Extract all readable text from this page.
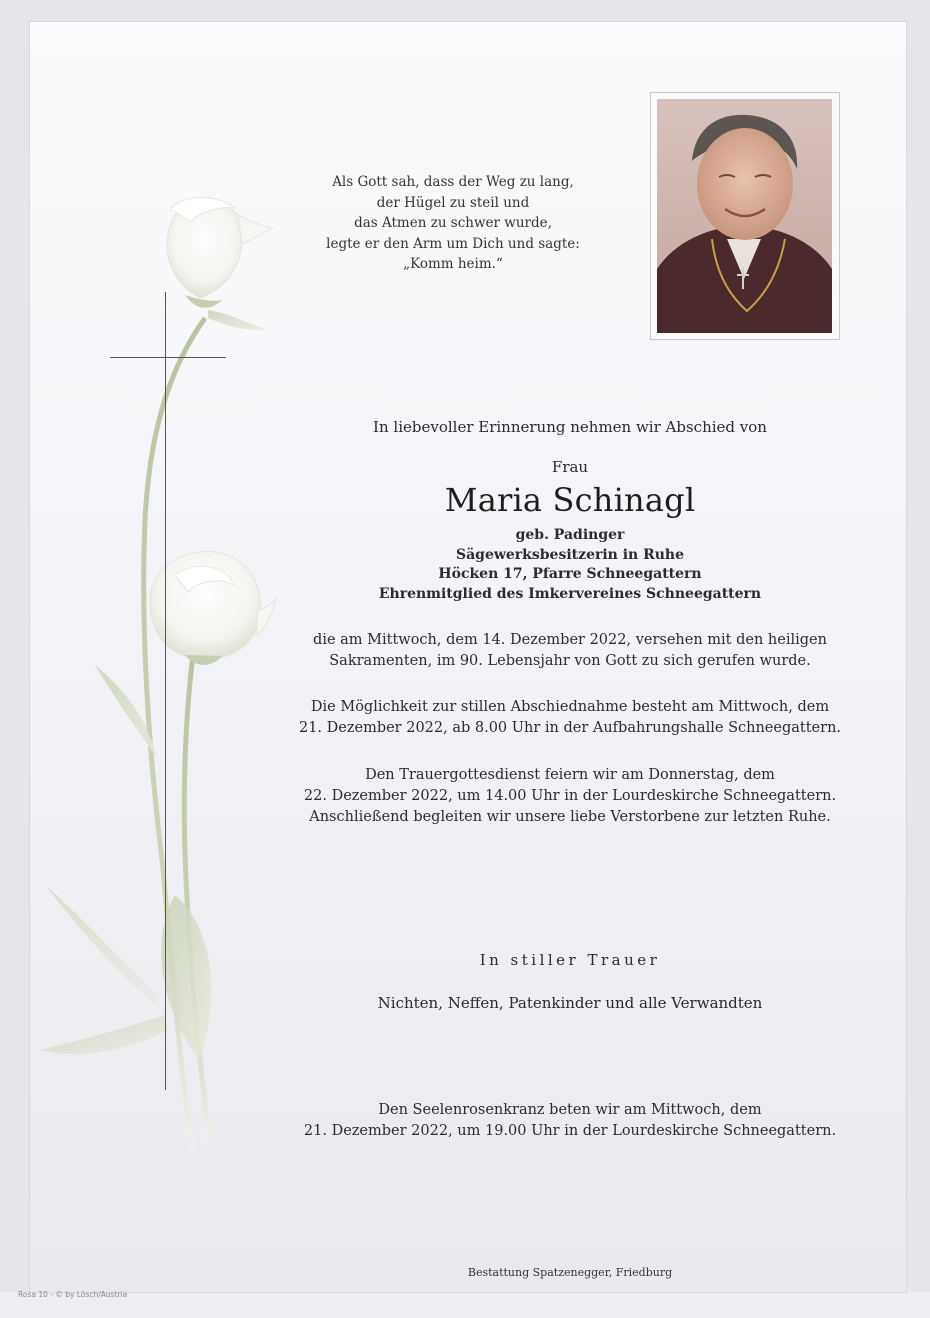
Als Gott sah, dass der Weg zu lang,
der Hügel zu steil und
das Atmen zu schwer wurde,
legte er den Arm um Dich und sagte:
„Komm heim.“
In liebevoller Erinnerung nehmen wir Abschied von
Frau
Maria Schinagl
geb. Padinger
Sägewerksbesitzerin in Ruhe
Höcken 17, Pfarre Schneegattern
Ehrenmitglied des Imkervereines Schneegattern
die am Mittwoch, dem 14. Dezember 2022, versehen mit den heiligen
Sakramenten, im 90. Lebensjahr von Gott zu sich gerufen wurde.
Die Möglichkeit zur stillen Abschiednahme besteht am Mittwoch, dem
21. Dezember 2022, ab 8.00 Uhr in der Aufbahrungshalle Schneegattern.
Den Trauergottesdienst feiern wir am Donnerstag, dem
22. Dezember 2022, um 14.00 Uhr in der Lourdeskirche Schneegattern.
Anschließend begleiten wir unsere liebe Verstorbene zur letzten Ruhe.
In stiller Trauer
Nichten, Neffen, Patenkinder und alle Verwandten
Den Seelenrosenkranz beten wir am Mittwoch, dem
21. Dezember 2022, um 19.00 Uhr in der Lourdeskirche Schneegattern.
Bestattung Spatzenegger, Friedburg
Rosa 10 - © by Lösch/Austria
